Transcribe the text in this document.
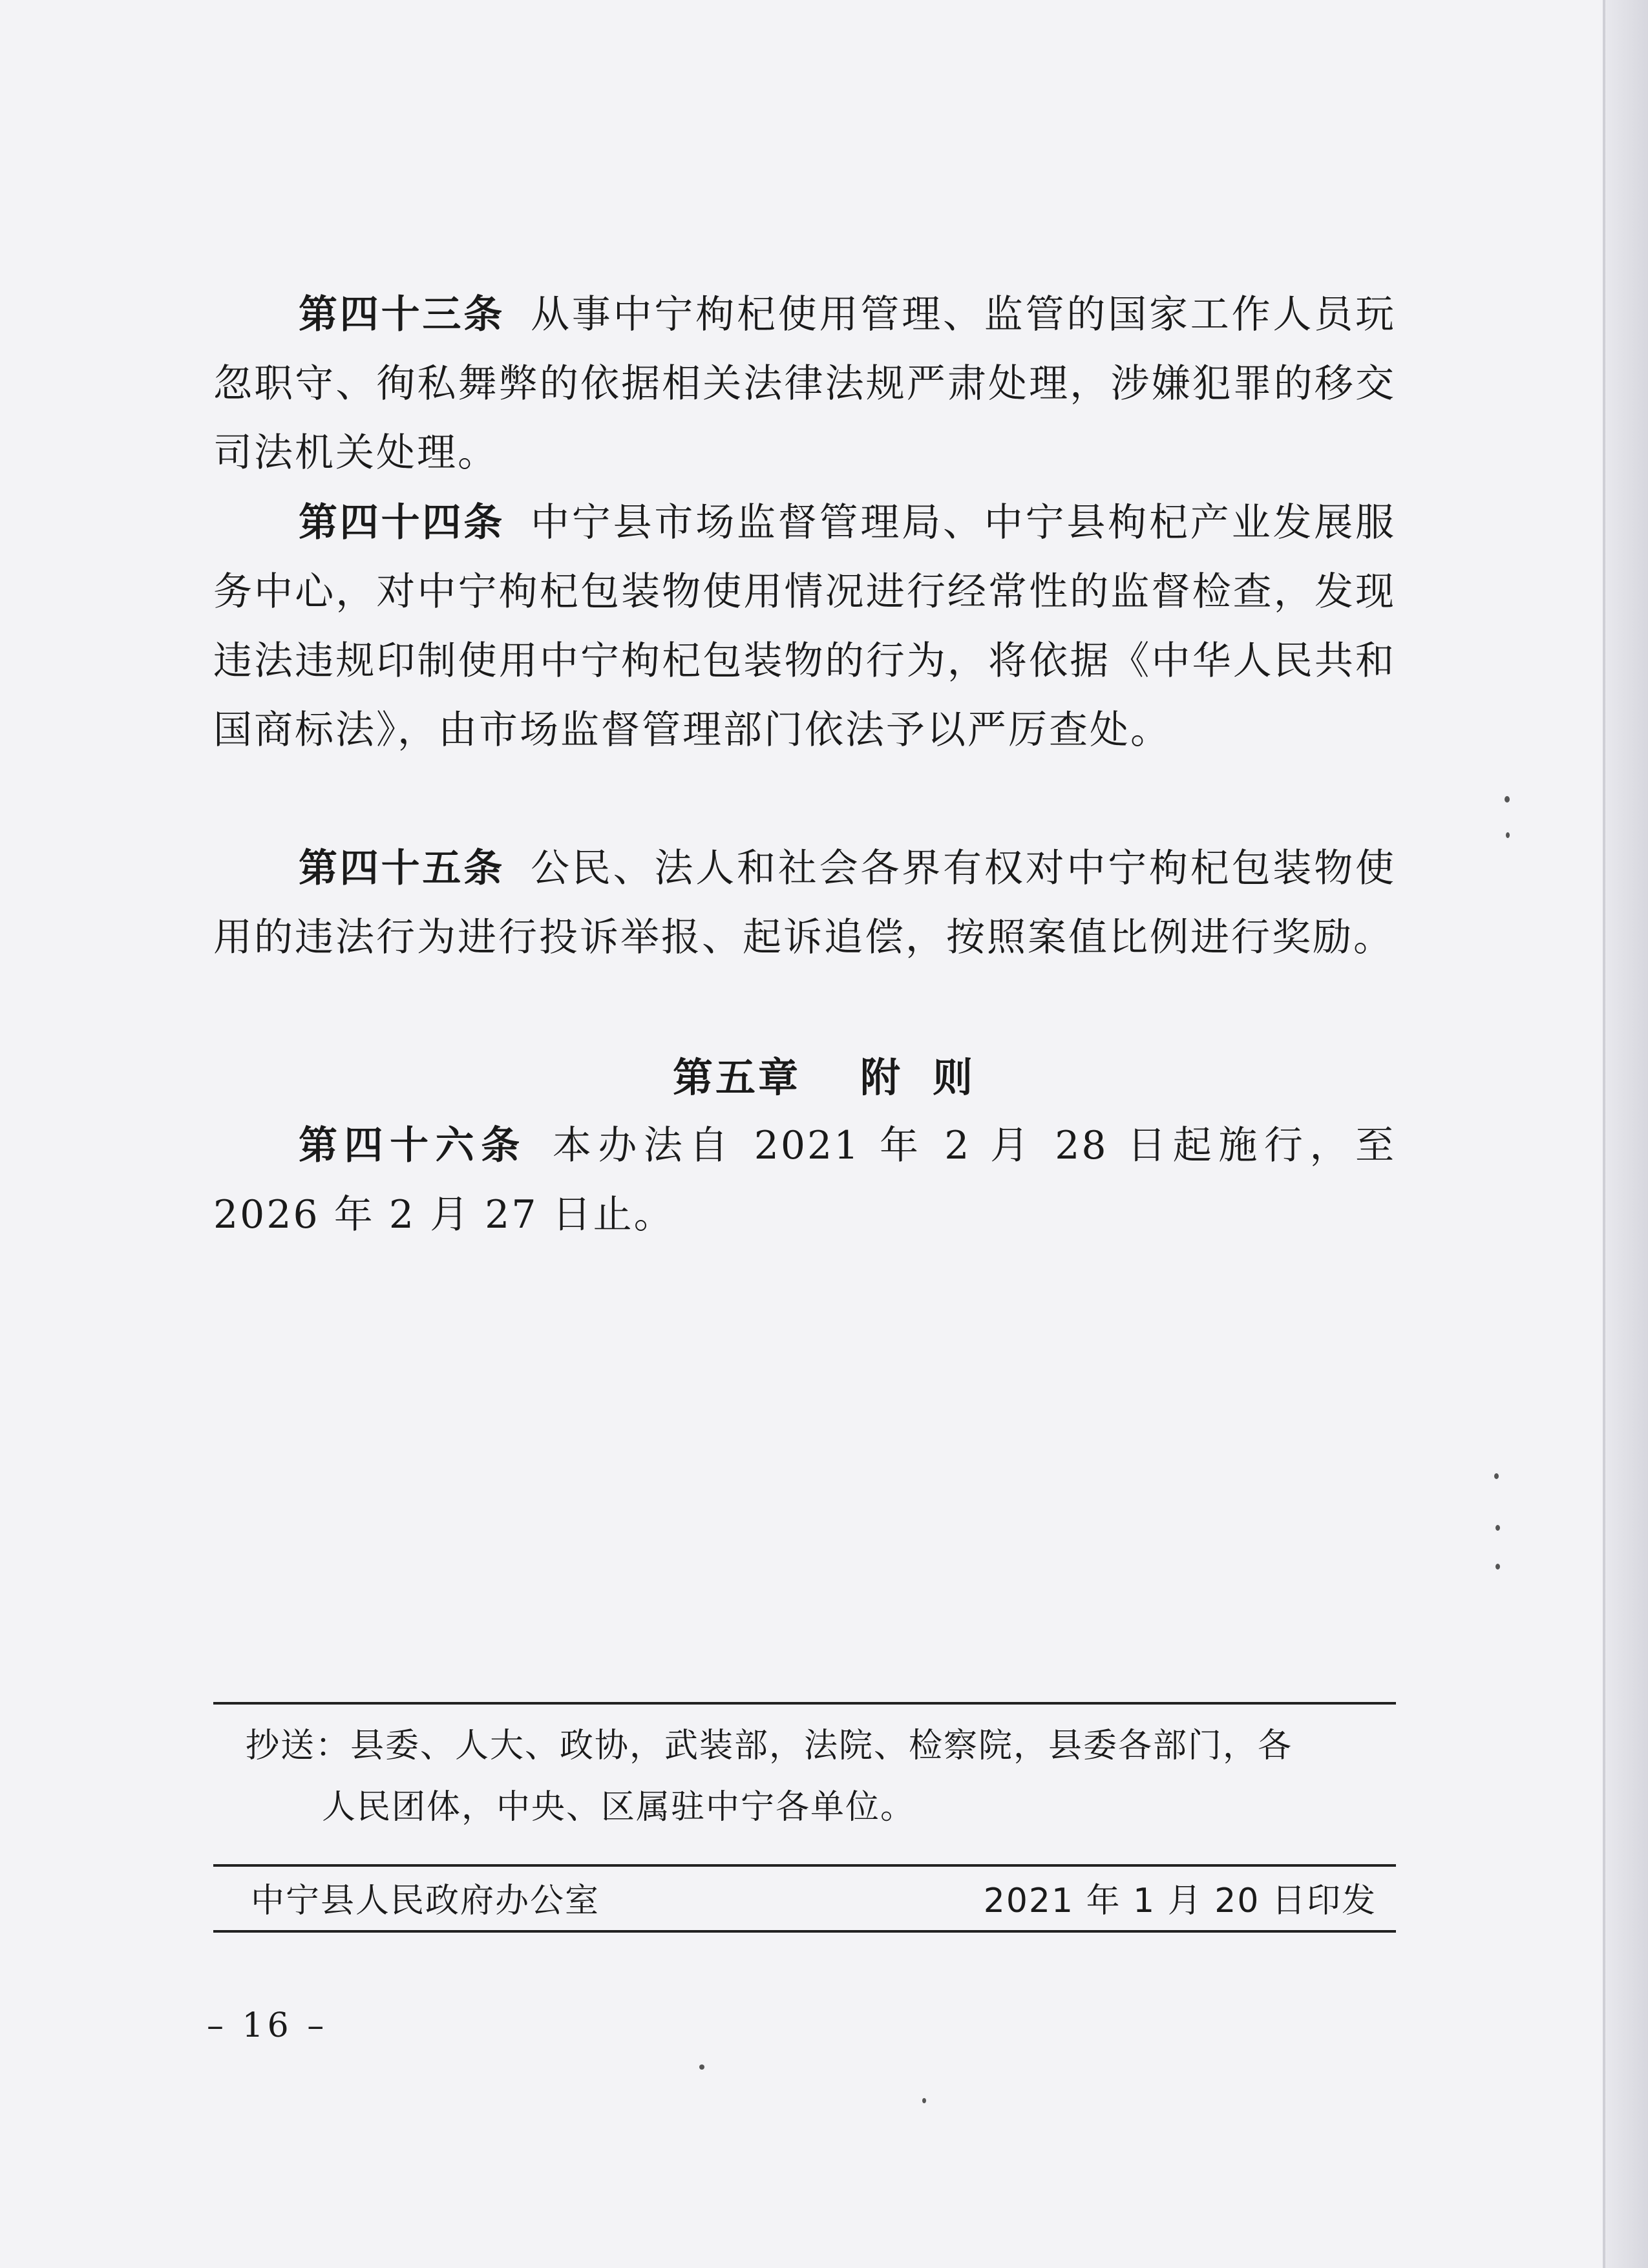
第四十三条 从事中宁枸杞使用管理、监管的国家工作人员玩忽职守、徇私舞弊的依据相关法律法规严肃处理，涉嫌犯罪的移交司法机关处理。
第四十四条 中宁县市场监督管理局、中宁县枸杞产业发展服务中心，对中宁枸杞包装物使用情况进行经常性的监督检查，发现违法违规印制使用中宁枸杞包装物的行为，将依据《中华人民共和国商标法》，由市场监督管理部门依法予以严厉查处。
第四十五条 公民、法人和社会各界有权对中宁枸杞包装物使用的违法行为进行投诉举报、起诉追偿，按照案值比例进行奖励。
第五章 附 则
第四十六条 本办法自 2021 年 2 月 28 日起施行，至 2026 年 2 月 27 日止。
抄送：县委、人大、政协，武装部，法院、检察院，县委各部门，各
人民团体，中央、区属驻中宁各单位。
中宁县人民政府办公室	2021 年 1 月 20 日印发
– 16 –
